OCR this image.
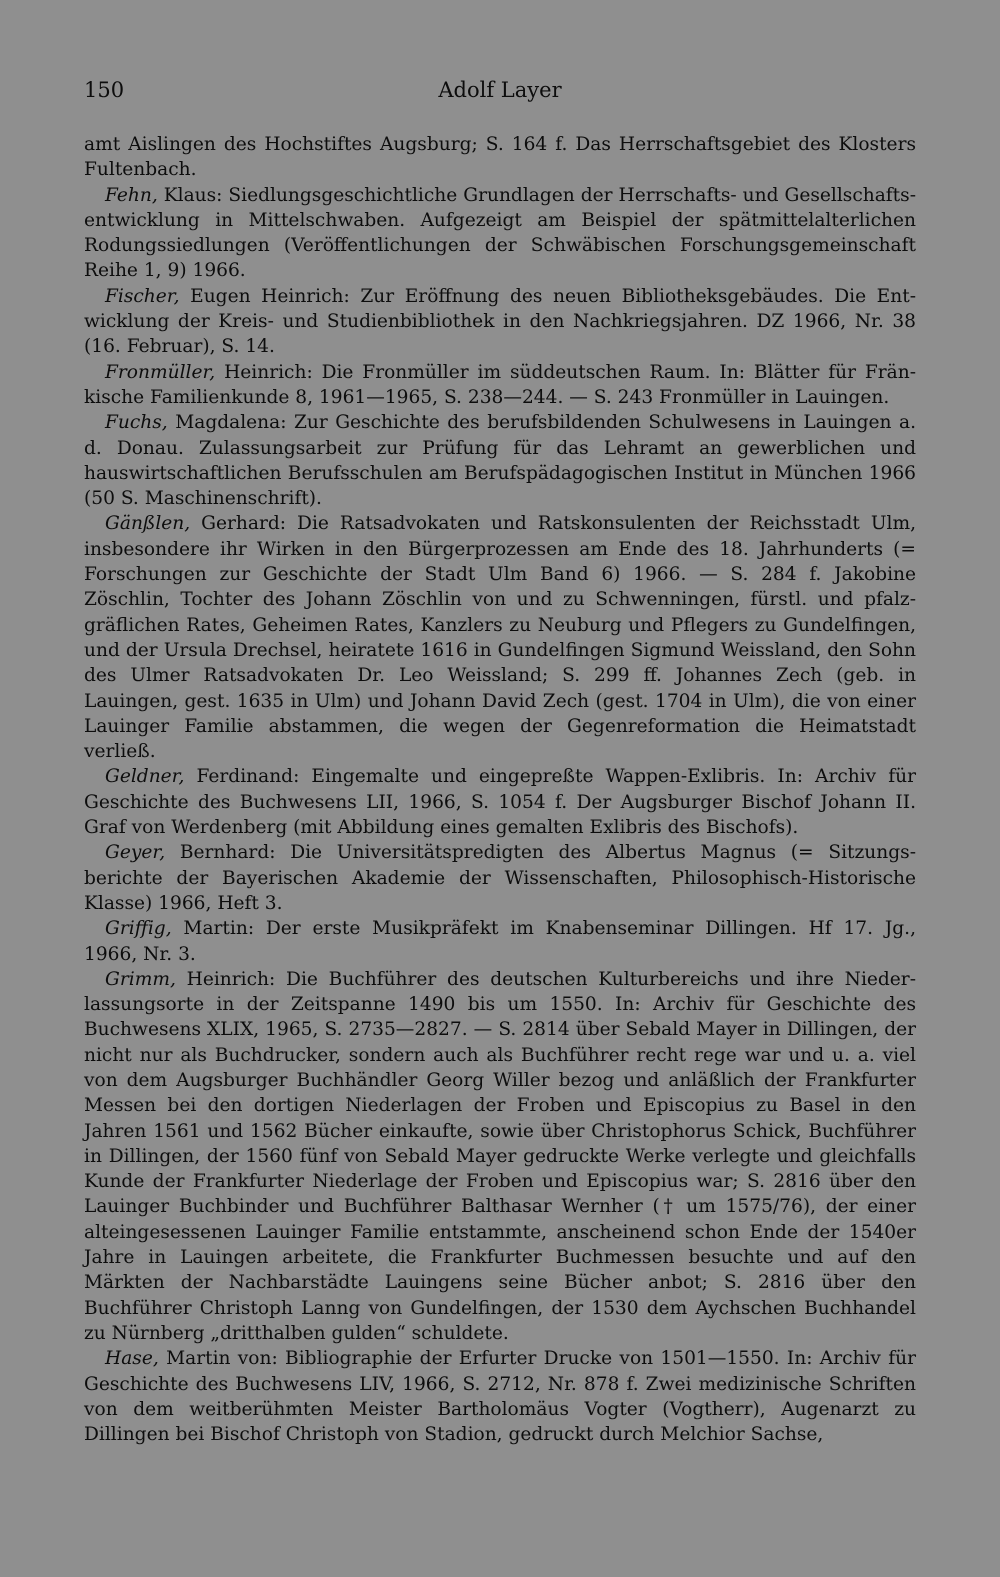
150	Adolf Layer

amt Aislingen des Hochstiftes Augsburg; S. 164 f. Das Herrschaftsgebiet des Klosters Fultenbach.

Fehn, Klaus: Siedlungsgeschichtliche Grundlagen der Herrschafts- und Gesellschaftsentwicklung in Mittelschwaben. Aufgezeigt am Beispiel der spätmittelalterlichen Rodungssiedlungen (Veröffentlichungen der Schwäbischen Forschungsgemeinschaft Reihe 1, 9) 1966.

Fischer, Eugen Heinrich: Zur Eröffnung des neuen Bibliotheksgebäudes. Die Entwicklung der Kreis- und Studienbibliothek in den Nachkriegsjahren. DZ 1966, Nr. 38 (16. Februar), S. 14.

Fronmüller, Heinrich: Die Fronmüller im süddeutschen Raum. In: Blätter für Fränkische Familienkunde 8, 1961—1965, S. 238—244. — S. 243 Fronmüller in Lauingen.

Fuchs, Magdalena: Zur Geschichte des berufsbildenden Schulwesens in Lauingen a. d. Donau. Zulassungsarbeit zur Prüfung für das Lehramt an gewerblichen und hauswirtschaftlichen Berufsschulen am Berufspädagogischen Institut in München 1966 (50 S. Maschinenschrift).

Gänßlen, Gerhard: Die Ratsadvokaten und Ratskonsulenten der Reichsstadt Ulm, insbesondere ihr Wirken in den Bürgerprozessen am Ende des 18. Jahrhunderts (= Forschungen zur Geschichte der Stadt Ulm Band 6) 1966. — S. 284 f. Jakobine Zöschlin, Tochter des Johann Zöschlin von und zu Schwenningen, fürstl. und pfalzgräflichen Rates, Geheimen Rates, Kanzlers zu Neuburg und Pflegers zu Gundelfingen, und der Ursula Drechsel, heiratete 1616 in Gundelfingen Sigmund Weissland, den Sohn des Ulmer Ratsadvokaten Dr. Leo Weissland; S. 299 ff. Johannes Zech (geb. in Lauingen, gest. 1635 in Ulm) und Johann David Zech (gest. 1704 in Ulm), die von einer Lauinger Familie abstammen, die wegen der Gegenreformation die Heimatstadt verließ.

Geldner, Ferdinand: Eingemalte und eingepreßte Wappen-Exlibris. In: Archiv für Geschichte des Buchwesens LII, 1966, S. 1054 f. Der Augsburger Bischof Johann II. Graf von Werdenberg (mit Abbildung eines gemalten Exlibris des Bischofs).

Geyer, Bernhard: Die Universitätspredigten des Albertus Magnus (= Sitzungsberichte der Bayerischen Akademie der Wissenschaften, Philosophisch-Historische Klasse) 1966, Heft 3.

Griffig, Martin: Der erste Musikpräfekt im Knabenseminar Dillingen. Hf 17. Jg., 1966, Nr. 3.

Grimm, Heinrich: Die Buchführer des deutschen Kulturbereichs und ihre Niederlassungsorte in der Zeitspanne 1490 bis um 1550. In: Archiv für Geschichte des Buchwesens XLIX, 1965, S. 2735—2827. — S. 2814 über Sebald Mayer in Dillingen, der nicht nur als Buchdrucker, sondern auch als Buchführer recht rege war und u. a. viel von dem Augsburger Buchhändler Georg Willer bezog und anläßlich der Frankfurter Messen bei den dortigen Niederlagen der Froben und Episcopius zu Basel in den Jahren 1561 und 1562 Bücher einkaufte, sowie über Christophorus Schick, Buchführer in Dillingen, der 1560 fünf von Sebald Mayer gedruckte Werke verlegte und gleichfalls Kunde der Frankfurter Niederlage der Froben und Episcopius war; S. 2816 über den Lauinger Buchbinder und Buchführer Balthasar Wernher († um 1575/76), der einer alteingesessenen Lauinger Familie entstammte, anscheinend schon Ende der 1540er Jahre in Lauingen arbeitete, die Frankfurter Buchmessen besuchte und auf den Märkten der Nachbarstädte Lauingens seine Bücher anbot; S. 2816 über den Buchführer Christoph Lanng von Gundelfingen, der 1530 dem Aychschen Buchhandel zu Nürnberg „dritthalben gulden“ schuldete.

Hase, Martin von: Bibliographie der Erfurter Drucke von 1501—1550. In: Archiv für Geschichte des Buchwesens LIV, 1966, S. 2712, Nr. 878 f. Zwei medizinische Schriften von dem weitberühmten Meister Bartholomäus Vogter (Vogtherr), Augenarzt zu Dillingen bei Bischof Christoph von Stadion, gedruckt durch Melchior Sachse,
